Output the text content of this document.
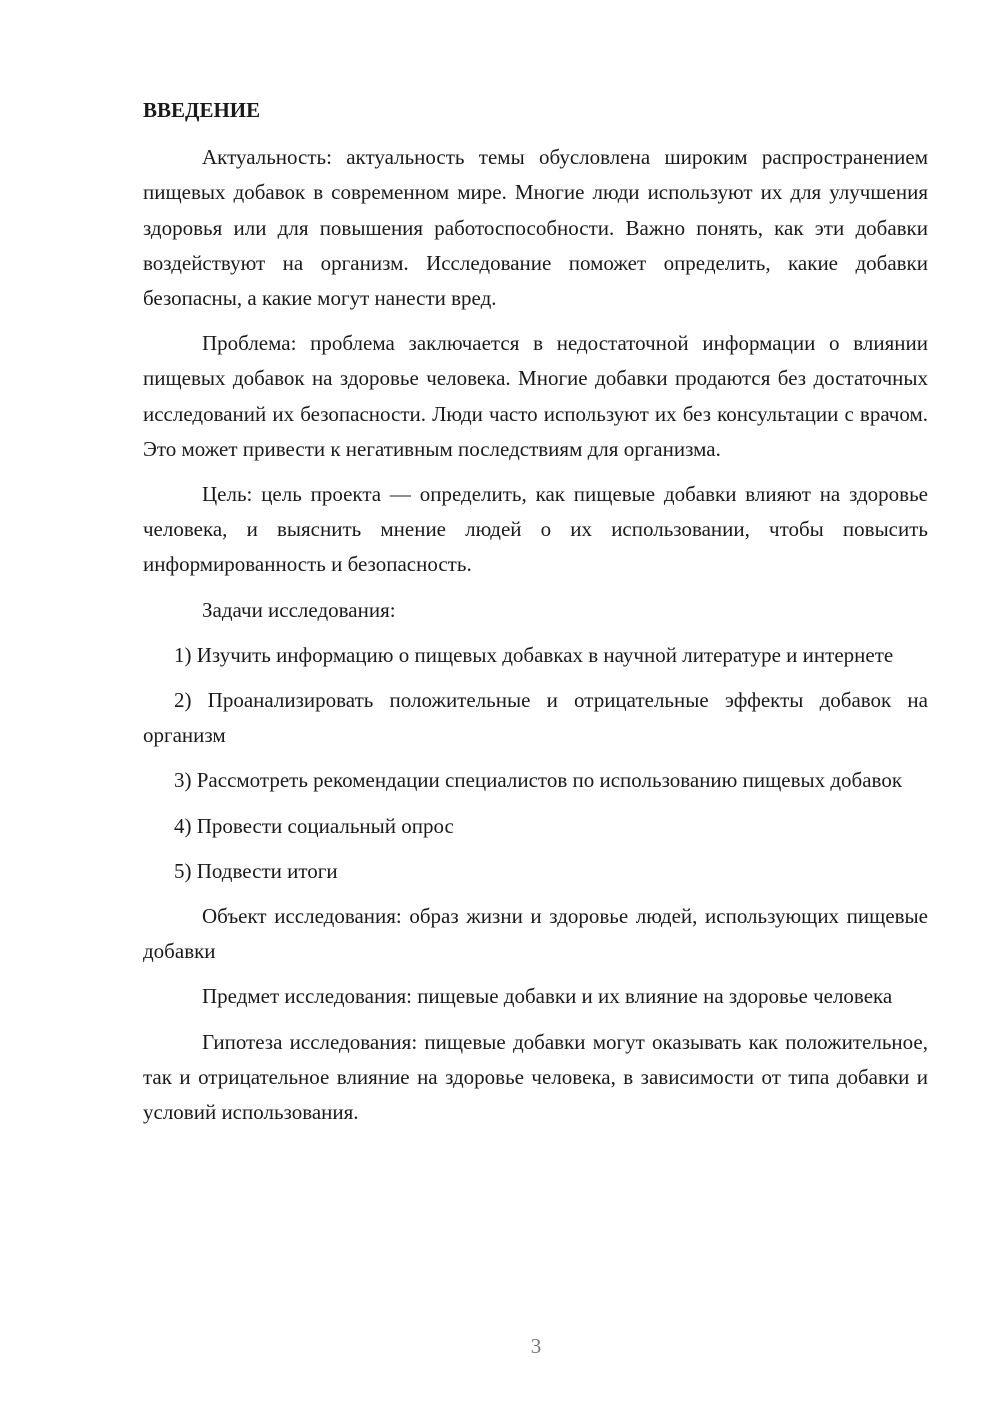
ВВЕДЕНИЕ

Актуальность: актуальность темы обусловлена широким распространением пищевых добавок в современном мире. Многие люди используют их для улучшения здоровья или для повышения работоспособности. Важно понять, как эти добавки воздействуют на организм. Исследование поможет определить, какие добавки безопасны, а какие могут нанести вред.

Проблема: проблема заключается в недостаточной информации о влиянии пищевых добавок на здоровье человека. Многие добавки продаются без достаточных исследований их безопасности. Люди часто используют их без консультации с врачом. Это может привести к негативным последствиям для организма.

Цель: цель проекта — определить, как пищевые добавки влияют на здоровье человека, и выяснить мнение людей о их использовании, чтобы повысить информированность и безопасность.

Задачи исследования:

1) Изучить информацию о пищевых добавках в научной литературе и интернете

2) Проанализировать положительные и отрицательные эффекты добавок на организм

3) Рассмотреть рекомендации специалистов по использованию пищевых добавок

4) Провести социальный опрос

5) Подвести итоги

Объект исследования: образ жизни и здоровье людей, использующих пищевые добавки

Предмет исследования: пищевые добавки и их влияние на здоровье человека

Гипотеза исследования: пищевые добавки могут оказывать как положительное, так и отрицательное влияние на здоровье человека, в зависимости от типа добавки и условий использования.

3
